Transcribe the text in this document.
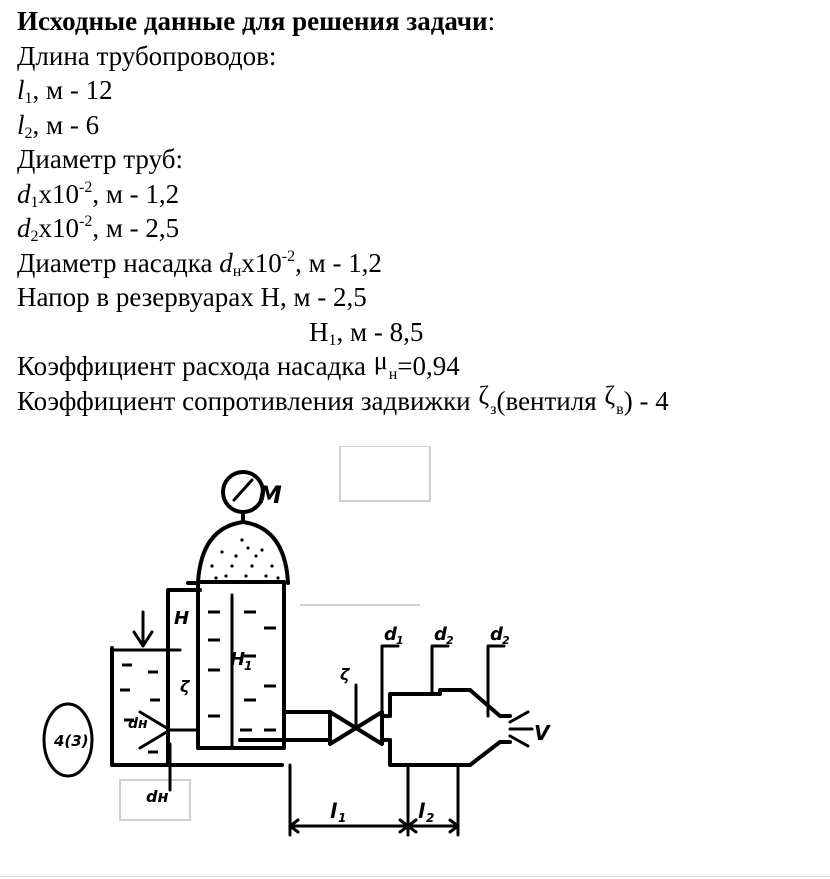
Исходные данные для решения задачи:
Длина трубопроводов:
$l_1$, м - 12
$l_2$, м - 6
Диаметр труб:
$d_1х10^{-2}$, м - 1,2
$d_2х10^{-2}$, м - 2,5
Диаметр насадка $d_нх10^{-2}$, м - 1,2
Напор в резервуарах Н, м - 2,5
$Н_1$, м - 8,5
Коэффициент расхода насадка $\mu_н=0,94$
Коэффициент сопротивления задвижки $\zeta_з(вентиля$ $\zeta_в) - 4$
М
Н
Н
1	ζ
d 1 d 2 d 2
dн
dн
V
l 1	l 2
4(3)
ζ
